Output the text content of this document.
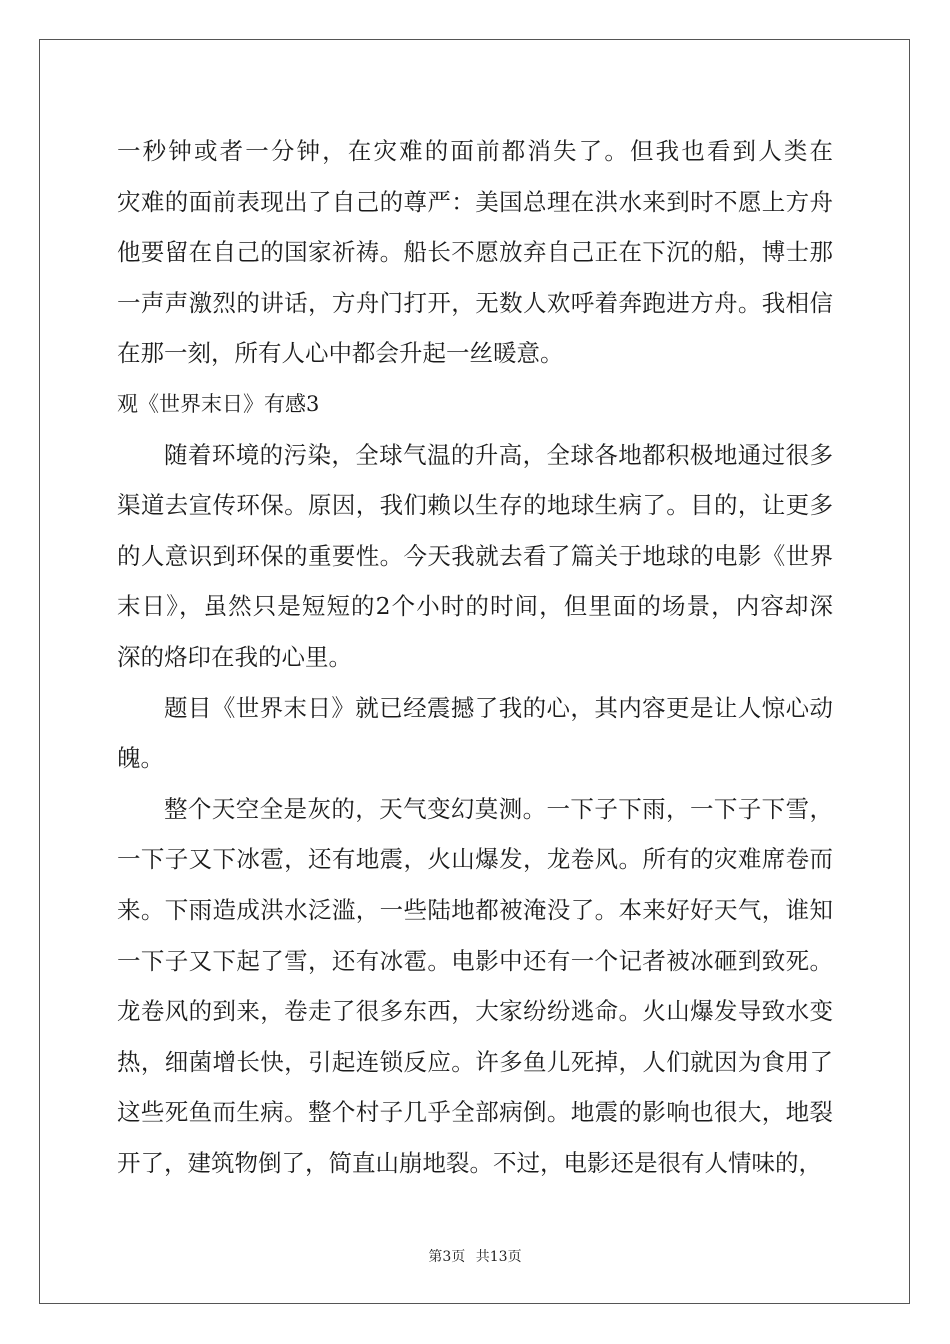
一秒钟或者一分钟，在灾难的面前都消失了。但我也看到人类在
灾难的面前表现出了自己的尊严：美国总理在洪水来到时不愿上方舟
他要留在自己的国家祈祷。船长不愿放弃自己正在下沉的船，博士那
一声声激烈的讲话，方舟门打开，无数人欢呼着奔跑进方舟。我相信
在那一刻，所有人心中都会升起一丝暖意。
观《世界末日》有感3
随着环境的污染，全球气温的升高，全球各地都积极地通过很多
渠道去宣传环保。原因，我们赖以生存的地球生病了。目的，让更多
的人意识到环保的重要性。今天我就去看了篇关于地球的电影《世界
末日》，虽然只是短短的2个小时的时间，但里面的场景，内容却深
深的烙印在我的心里。
题目《世界末日》就已经震撼了我的心，其内容更是让人惊心动
魄。
整个天空全是灰的，天气变幻莫测。一下子下雨，一下子下雪，
一下子又下冰雹，还有地震，火山爆发，龙卷风。所有的灾难席卷而
来。下雨造成洪水泛滥，一些陆地都被淹没了。本来好好天气，谁知
一下子又下起了雪，还有冰雹。电影中还有一个记者被冰砸到致死。
龙卷风的到来，卷走了很多东西，大家纷纷逃命。火山爆发导致水变
热，细菌增长快，引起连锁反应。许多鱼儿死掉，人们就因为食用了
这些死鱼而生病。整个村子几乎全部病倒。地震的影响也很大，地裂
开了，建筑物倒了，简直山崩地裂。不过，电影还是很有人情味的，
第3页 共13页
